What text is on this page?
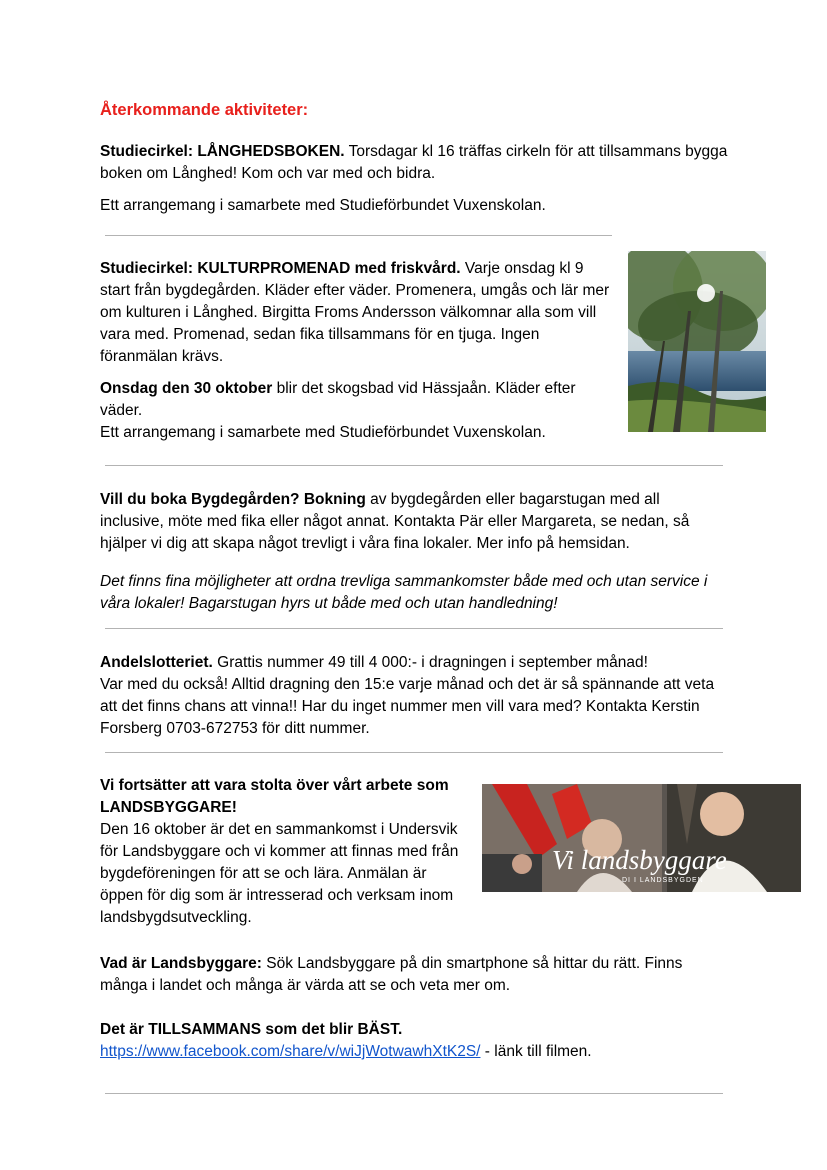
Återkommande aktiviteter:

Studiecirkel: LÅNGHEDSBOKEN. Torsdagar kl 16 träffas cirkeln för att tillsammans bygga boken om Långhed! Kom och var med och bidra.

Ett arrangemang i samarbete med Studieförbundet Vuxenskolan.

Studiecirkel: KULTURPROMENAD med friskvård. Varje onsdag kl 9 start från bygdegården. Kläder efter väder. Promenera, umgås och lär mer om kulturen i Långhed. Birgitta Froms Andersson välkomnar alla som vill vara med. Promenad, sedan fika tillsammans för en tjuga. Ingen föranmälan krävs.

Onsdag den 30 oktober blir det skogsbad vid Hässjaån. Kläder efter väder.

Ett arrangemang i samarbete med Studieförbundet Vuxenskolan.

Vill du boka Bygdegården? Bokning av bygdegården eller bagarstugan med all inclusive, möte med fika eller något annat. Kontakta Pär eller Margareta, se nedan, så hjälper vi dig att skapa något trevligt i våra fina lokaler. Mer info på hemsidan.

Det finns fina möjligheter att ordna trevliga sammankomster både med och utan service i våra lokaler! Bagarstugan hyrs ut både med och utan handledning!

Andelslotteriet. Grattis nummer 49 till 4 000:- i dragningen i september månad!

Var med du också! Alltid dragning den 15:e varje månad och det är så spännande att veta att det finns chans att vinna!! Har du inget nummer men vill vara med? Kontakta Kerstin Forsberg 0703-672753 för ditt nummer.

Vi fortsätter att vara stolta över vårt arbete som LANDSBYGGARE!

Den 16 oktober är det en sammankomst i Undersvik för Landsbyggare och vi kommer att finnas med från bygdeföreningen för att se och lära. Anmälan är öppen för dig som är intresserad och verksam inom landsbygdsutveckling.

Vi landsbyggare
DI I LANDSBYGDEN

Vad är Landsbyggare: Sök Landsbyggare på din smartphone så hittar du rätt. Finns många i landet och många är värda att se och veta mer om.

Det är TILLSAMMANS som det blir BÄST.

https://www.facebook.com/share/v/wiJjWotwawhXtK2S/ - länk till filmen.
